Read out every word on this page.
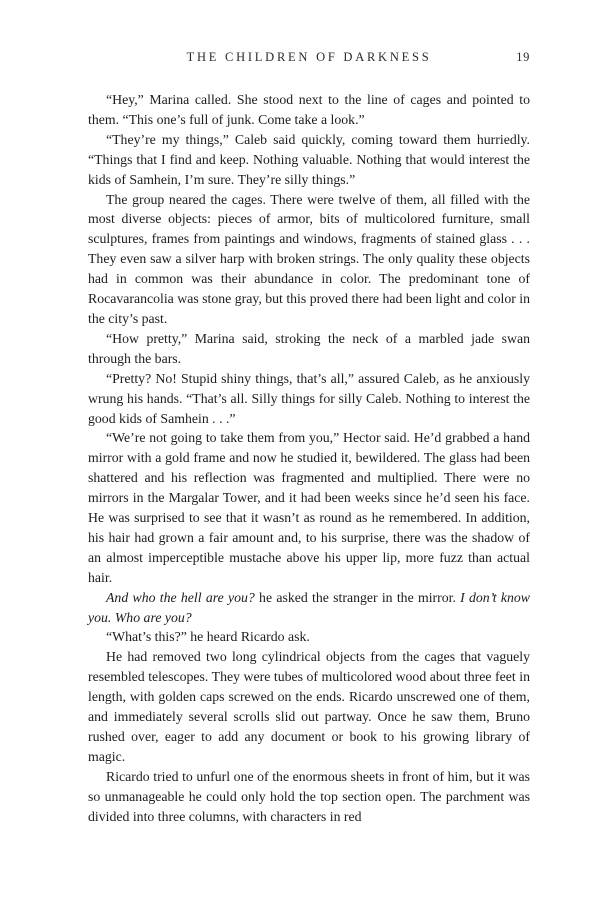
THE CHILDREN OF DARKNESS	19

“Hey,” Marina called. She stood next to the line of cages and pointed to them. “This one’s full of junk. Come take a look.”

“They’re my things,” Caleb said quickly, coming toward them hurriedly. “Things that I find and keep. Nothing valuable. Nothing that would interest the kids of Samhein, I’m sure. They’re silly things.”

The group neared the cages. There were twelve of them, all filled with the most diverse objects: pieces of armor, bits of multicolored furniture, small sculptures, frames from paintings and windows, fragments of stained glass . . . They even saw a silver harp with broken strings. The only quality these objects had in common was their abundance in color. The predominant tone of Rocavarancolia was stone gray, but this proved there had been light and color in the city’s past.

“How pretty,” Marina said, stroking the neck of a marbled jade swan through the bars.

“Pretty? No! Stupid shiny things, that’s all,” assured Caleb, as he anxiously wrung his hands. “That’s all. Silly things for silly Caleb. Nothing to interest the good kids of Samhein . . .”

“We’re not going to take them from you,” Hector said. He’d grabbed a hand mirror with a gold frame and now he studied it, bewildered. The glass had been shattered and his reflection was fragmented and multiplied. There were no mirrors in the Margalar Tower, and it had been weeks since he’d seen his face. He was surprised to see that it wasn’t as round as he remembered. In addition, his hair had grown a fair amount and, to his surprise, there was the shadow of an almost imperceptible mustache above his upper lip, more fuzz than actual hair.

And who the hell are you? he asked the stranger in the mirror. I don’t know you. Who are you?

“What’s this?” he heard Ricardo ask.

He had removed two long cylindrical objects from the cages that vaguely resembled telescopes. They were tubes of multicolored wood about three feet in length, with golden caps screwed on the ends. Ricardo unscrewed one of them, and immediately several scrolls slid out partway. Once he saw them, Bruno rushed over, eager to add any document or book to his growing library of magic.

Ricardo tried to unfurl one of the enormous sheets in front of him, but it was so unmanageable he could only hold the top section open. The parchment was divided into three columns, with characters in red
